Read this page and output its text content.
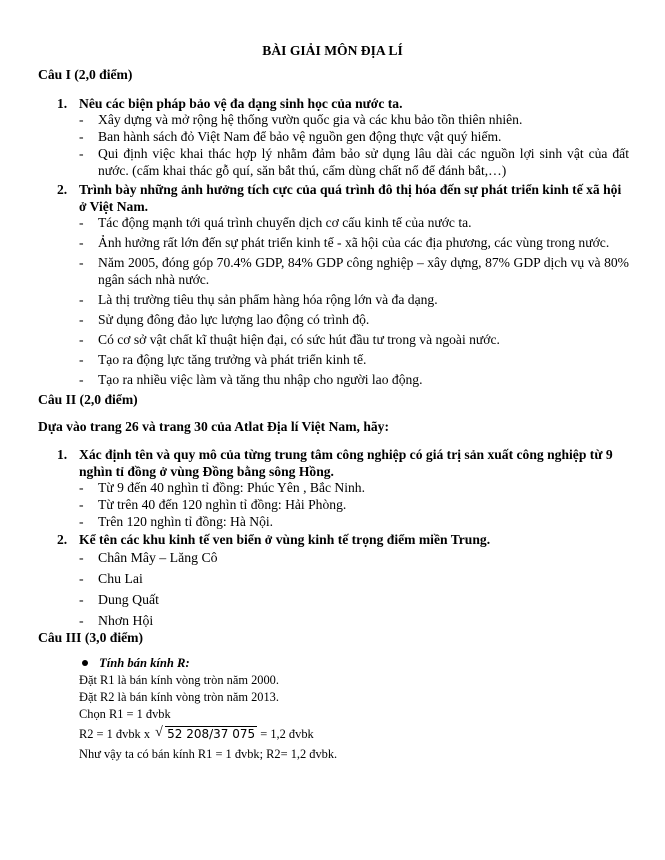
BÀI GIẢI MÔN ĐỊA LÍ
Câu I (2,0 điểm)
1. Nêu các biện pháp bảo vệ đa dạng sinh học của nước ta.
- Xây dựng và mở rộng hệ thống vườn quốc gia và các khu bảo tồn thiên nhiên.
- Ban hành sách đỏ Việt Nam để bảo vệ nguồn gen động thực vật quý hiếm.
- Qui định việc khai thác hợp lý nhằm đảm bảo sử dụng lâu dài các nguồn lợi sinh vật của đất nước. (cấm khai thác gỗ quí, săn bắt thú, cấm dùng chất nổ để đánh bắt,…)
2. Trình bày những ảnh hưởng tích cực của quá trình đô thị hóa đến sự phát triển kinh tế xã hội ở Việt Nam.
- Tác động mạnh tới quá trình chuyển dịch cơ cấu kinh tế của nước ta.
- Ảnh hưởng rất lớn đến sự phát triển kinh tế - xã hội của các địa phương, các vùng trong nước.
- Năm 2005, đóng góp 70.4% GDP, 84% GDP công nghiệp – xây dựng, 87% GDP dịch vụ và 80% ngân sách nhà nước.
- Là thị trường tiêu thụ sản phẩm hàng hóa rộng lớn và đa dạng.
- Sử dụng đông đảo lực lượng lao động có trình độ.
- Có cơ sở vật chất kĩ thuật hiện đại, có sức hút đầu tư trong và ngoài nước.
- Tạo ra động lực tăng trưởng và phát triển kinh tế.
- Tạo ra nhiều việc làm và tăng thu nhập cho người lao động.
Câu II (2,0 điểm)
Dựa vào trang 26 và trang 30 của Atlat Địa lí Việt Nam, hãy:
1. Xác định tên và quy mô của từng trung tâm công nghiệp có giá trị sản xuất công nghiệp từ 9 nghìn tỉ đồng ở vùng Đồng bằng sông Hồng.
- Từ 9 đến 40 nghìn tỉ đồng: Phúc Yên , Bắc Ninh.
- Từ trên 40 đến 120 nghìn tỉ đồng: Hải Phòng.
- Trên 120 nghìn tỉ đồng: Hà Nội.
2. Kể tên các khu kinh tế ven biển ở vùng kinh tế trọng điểm miền Trung.
- Chân Mây – Lăng Cô
- Chu Lai
- Dung Quất
- Nhơn Hội
Câu III (3,0 điểm)
Tính bán kính R:
Đặt R1 là bán kính vòng tròn năm 2000.
Đặt R2 là bán kính vòng tròn năm 2013.
Chọn R1 = 1 đvbk
R2 = 1 đvbk x √ 52 208/37 075 = 1,2 đvbk
Như vậy ta có bán kính R1 = 1 đvbk; R2= 1,2 đvbk.
